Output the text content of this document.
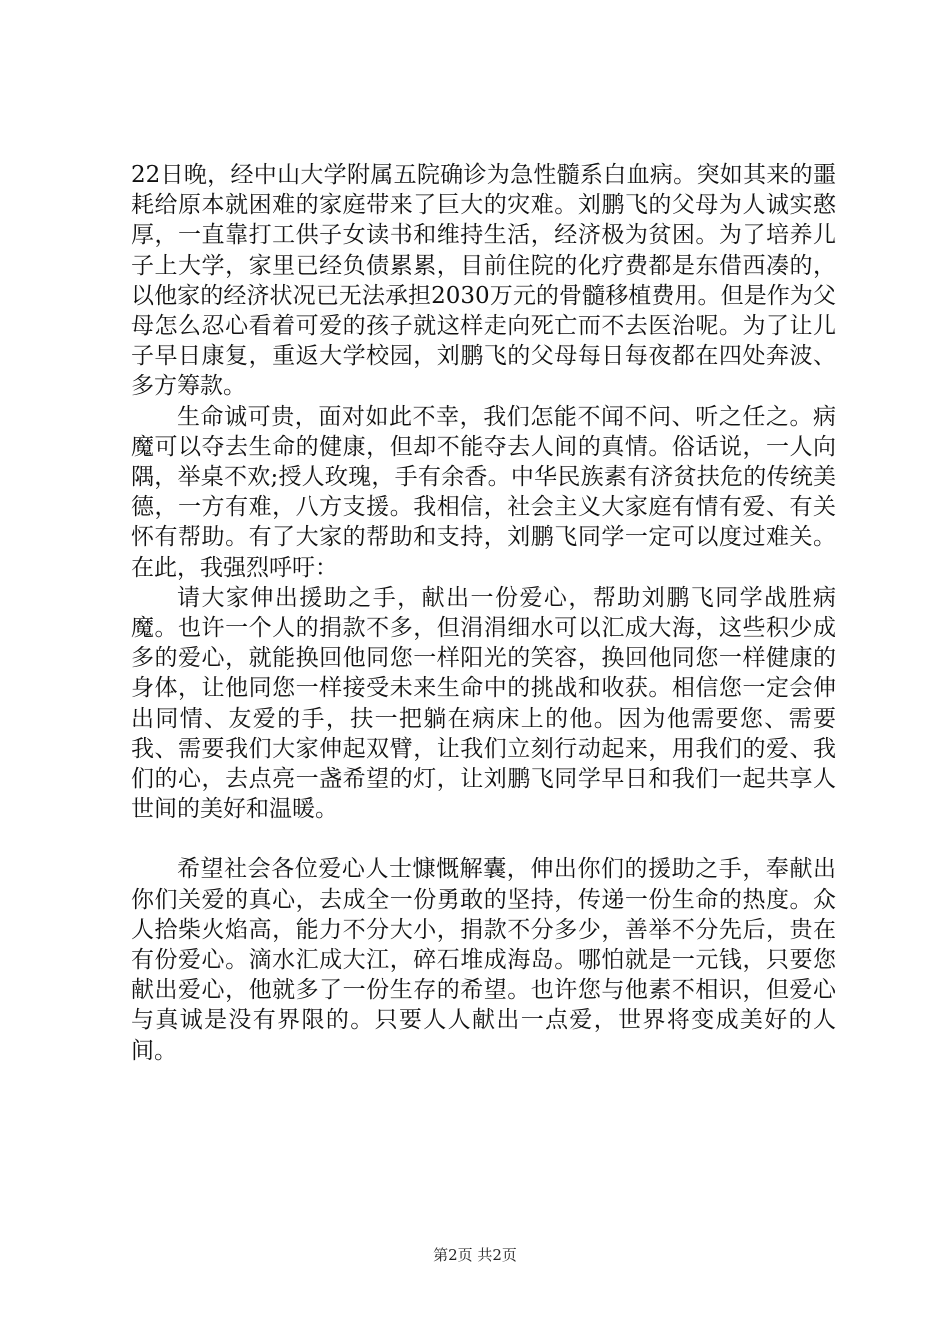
22日晚，经中山大学附属五院确诊为急性髓系白血病。突如其来的噩耗给原本就困难的家庭带来了巨大的灾难。刘鹏飞的父母为人诚实憨厚，一直靠打工供子女读书和维持生活，经济极为贫困。为了培养儿子上大学，家里已经负债累累，目前住院的化疗费都是东借西凑的，以他家的经济状况已无法承担2030万元的骨髓移植费用。但是作为父母怎么忍心看着可爱的孩子就这样走向死亡而不去医治呢。为了让儿子早日康复，重返大学校园，刘鹏飞的父母每日每夜都在四处奔波、多方筹款。

生命诚可贵，面对如此不幸，我们怎能不闻不问、听之任之。病魔可以夺去生命的健康，但却不能夺去人间的真情。俗话说，一人向隅，举桌不欢;授人玫瑰，手有余香。中华民族素有济贫扶危的传统美德，一方有难，八方支援。我相信，社会主义大家庭有情有爱、有关怀有帮助。有了大家的帮助和支持，刘鹏飞同学一定可以度过难关。在此，我强烈呼吁：

请大家伸出援助之手，献出一份爱心，帮助刘鹏飞同学战胜病魔。也许一个人的捐款不多，但涓涓细水可以汇成大海，这些积少成多的爱心，就能换回他同您一样阳光的笑容，换回他同您一样健康的身体，让他同您一样接受未来生命中的挑战和收获。相信您一定会伸出同情、友爱的手，扶一把躺在病床上的他。因为他需要您、需要我、需要我们大家伸起双臂，让我们立刻行动起来，用我们的爱、我们的心，去点亮一盏希望的灯，让刘鹏飞同学早日和我们一起共享人世间的美好和温暖。

希望社会各位爱心人士慷慨解囊，伸出你们的援助之手，奉献出你们关爱的真心，去成全一份勇敢的坚持，传递一份生命的热度。众人拾柴火焰高，能力不分大小，捐款不分多少，善举不分先后，贵在有份爱心。滴水汇成大江，碎石堆成海岛。哪怕就是一元钱，只要您献出爱心，他就多了一份生存的希望。也许您与他素不相识，但爱心与真诚是没有界限的。只要人人献出一点爱，世界将变成美好的人间。

第2页 共2页
